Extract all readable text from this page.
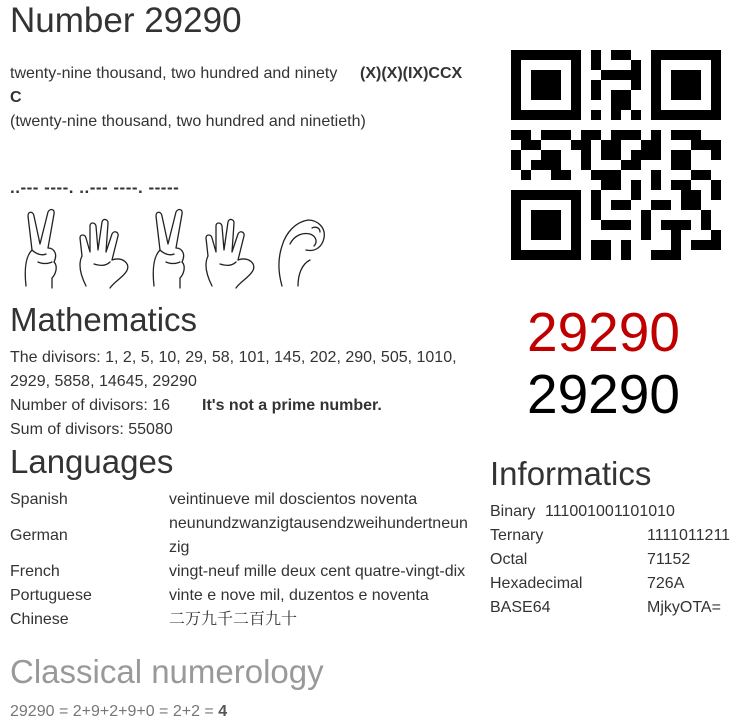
Number 29290
twenty-nine thousand, two hundred and ninety (X)(X)(IX)CCX
C
(twenty-nine thousand, two hundred and ninetieth)
..--- ----. ..--- ----. -----
Mathematics
The divisors: 1, 2, 5, 10, 29, 58, 101, 145, 202, 290, 505, 1010, 2929, 5858, 14645, 29290
Number of divisors: 16 It's not a prime number.
Sum of divisors: 55080
Languages
Spanish	veintinueve mil doscientos noventa
German	neunundzwanzigtausendzweihundertneunzig
French	vingt-neuf mille deux cent quatre-vingt-dix
Portuguese	vinte e nove mil, duzentos e noventa
Chinese	二万九千二百九十
29290
29290
Informatics
Binary 111001001101010
Ternary	1111011211
Octal	71152
Hexadecimal	726A
BASE64	MjkyOTA=
Classical numerology
29290 = 2+9+2+9+0 = 2+2 = 4
